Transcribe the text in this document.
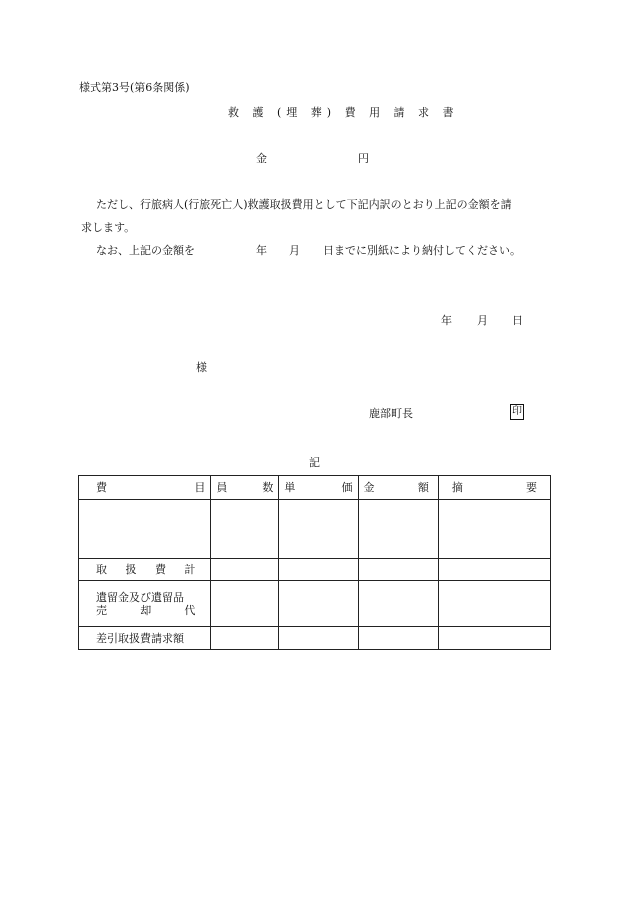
様式第3号(第6条関係)
救 護 (埋 葬) 費 用 請 求 書
金	円
ただし、行旅病人(行旅死亡人)救護取扱費用として下記内訳のとおり上記の金額を請
求します。
なお、上記の金額を	年 月 日までに別紙により納付してください。
年 月 日
様
鹿部町長	印
記
費 目	員 数	単 価	金 額	摘 要

取 扱 費 計				

遺留金及び遺留品
売 却 代				

差引取扱費請求額				
